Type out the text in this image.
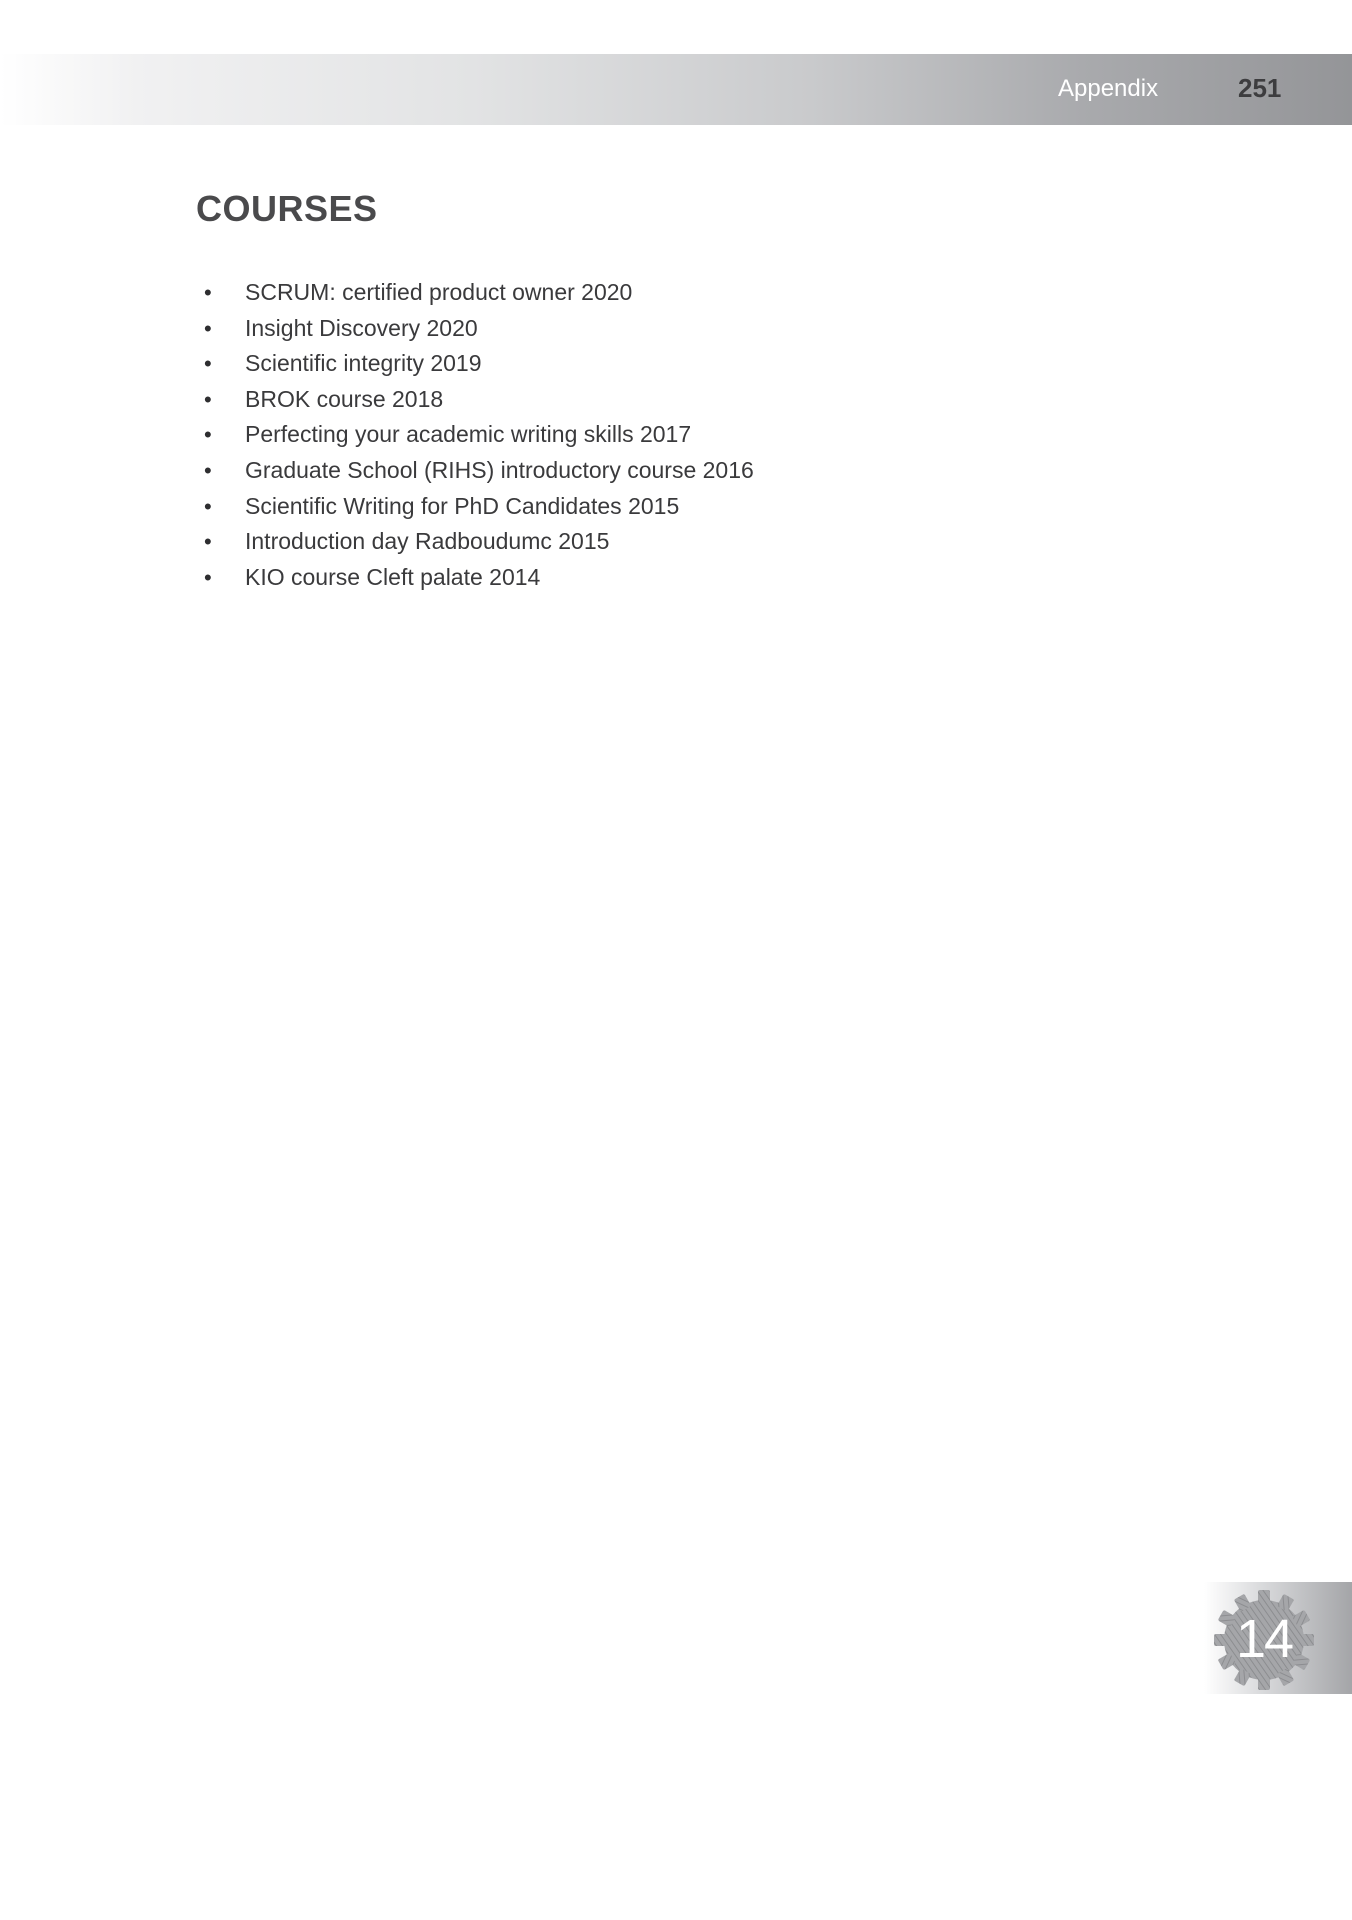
Appendix	251
COURSES
• SCRUM: certified product owner 2020
• Insight Discovery 2020
• Scientific integrity 2019
• BROK course 2018
• Perfecting your academic writing skills 2017
• Graduate School (RIHS) introductory course 2016
• Scientific Writing for PhD Candidates 2015
• Introduction day Radboudumc 2015
• KIO course Cleft palate 2014
14
